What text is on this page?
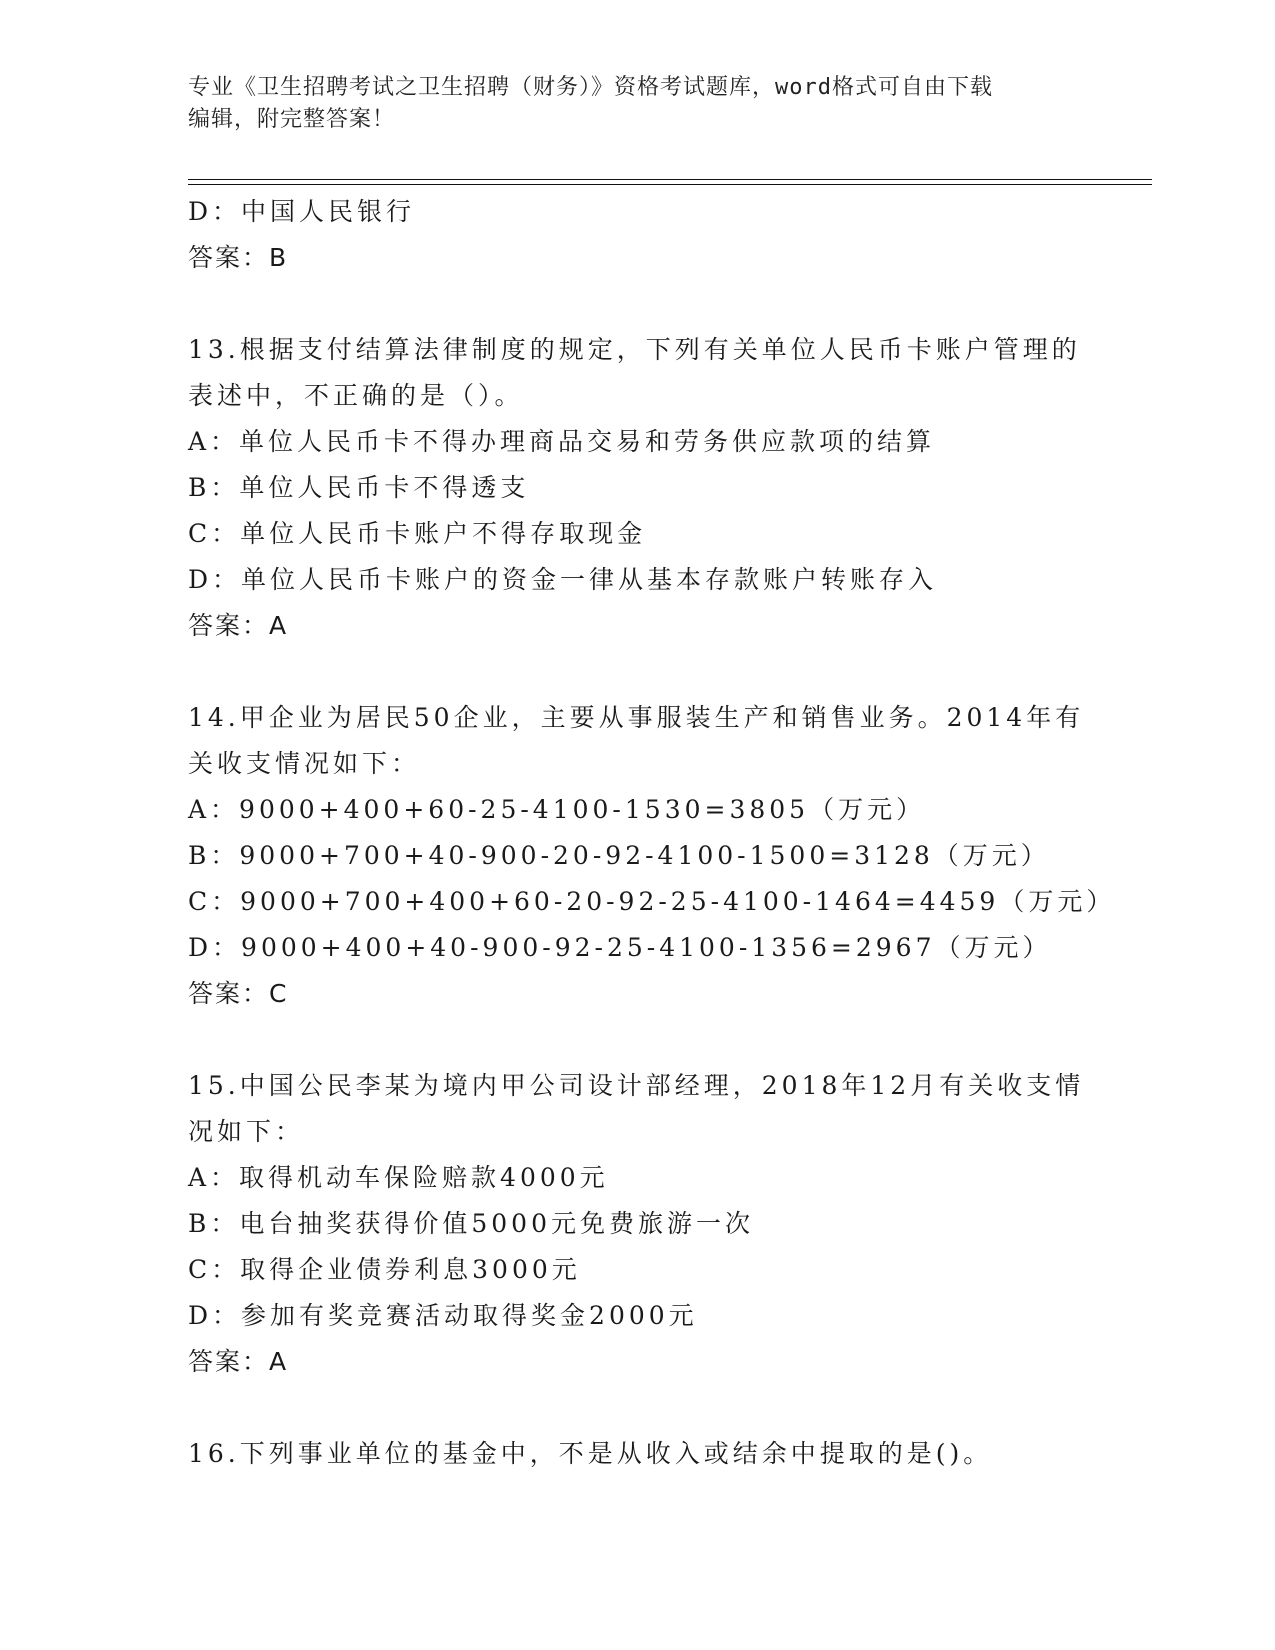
专业《卫生招聘考试之卫生招聘（财务）》资格考试题库，word格式可自由下载
编辑，附完整答案！
D：中国人民银行
答案：B
13.根据支付结算法律制度的规定，下列有关单位人民币卡账户管理的
表述中，不正确的是（）。
A：单位人民币卡不得办理商品交易和劳务供应款项的结算
B：单位人民币卡不得透支
C：单位人民币卡账户不得存取现金
D：单位人民币卡账户的资金一律从基本存款账户转账存入
答案：A
14.甲企业为居民50企业，主要从事服装生产和销售业务。2014年有
关收支情况如下：
A：9000+400+60-25-4100-1530=3805（万元）
B：9000+700+40-900-20-92-4100-1500=3128（万元）
C：9000+700+400+60-20-92-25-4100-1464=4459（万元）
D：9000+400+40-900-92-25-4100-1356=2967（万元）
答案：C
15.中国公民李某为境内甲公司设计部经理，2018年12月有关收支情
况如下：
A：取得机动车保险赔款4000元
B：电台抽奖获得价值5000元免费旅游一次
C：取得企业债券利息3000元
D：参加有奖竞赛活动取得奖金2000元
答案：A
16.下列事业单位的基金中，不是从收入或结余中提取的是()。
